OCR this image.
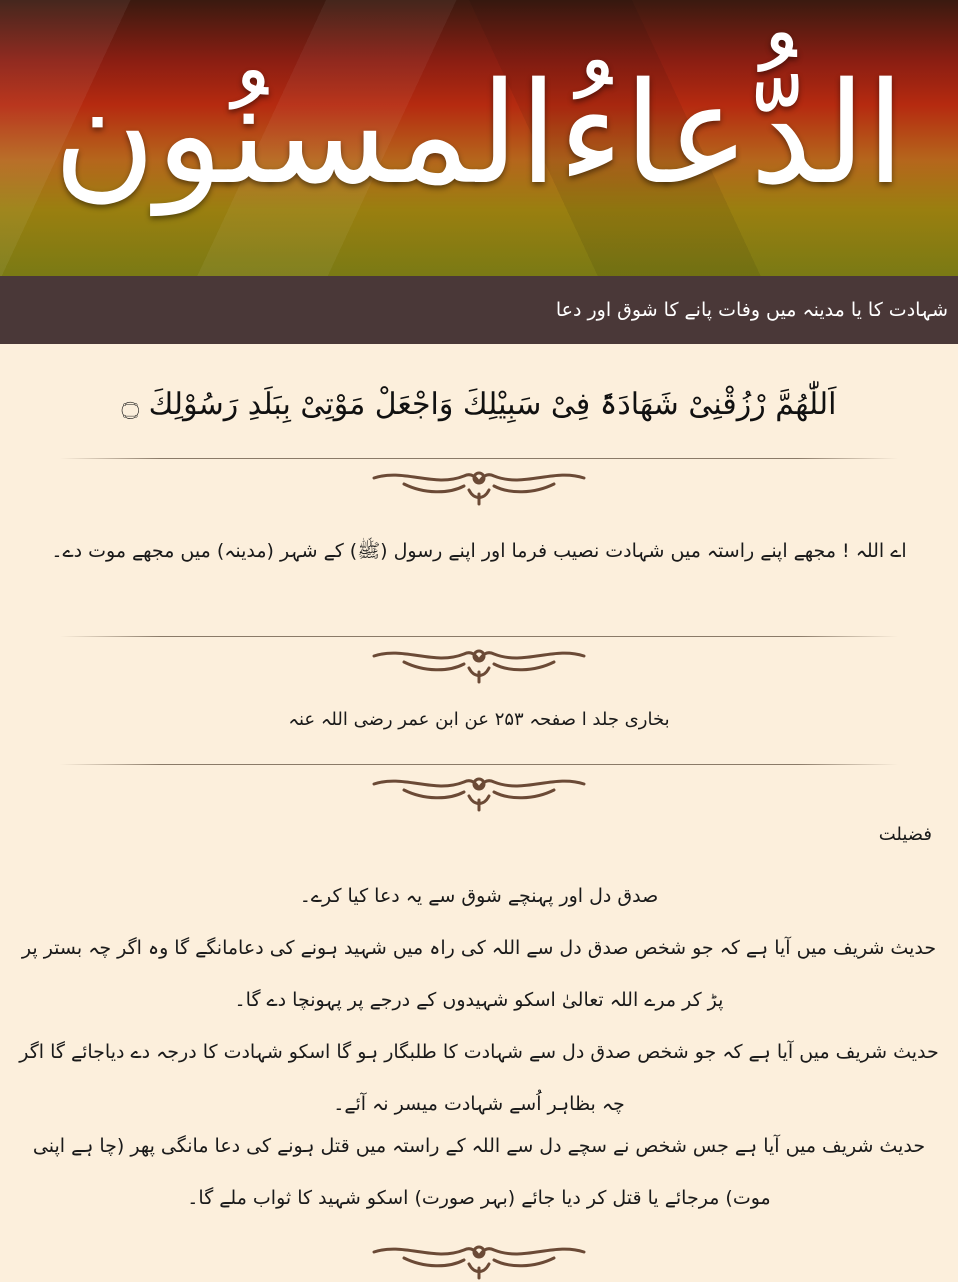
الدُّعاءُالمسنُون
شہادت کا یا مدینہ میں وفات پانے کا شوق اور دعا
اَللّٰھُمَّ رْزُقْنِیْ شَھَادَۃً فِیْ سَبِیْلِكَ وَاجْعَلْ مَوْتِیْ بِبَلَدِ رَسُوْلِكَ ۝
اے اللہ ! مجھے اپنے راستہ میں شہادت نصیب فرما اور اپنے رسول (ﷺ) کے شہر (مدینہ) میں مجھے موت دے۔
بخاری جلد ا صفحہ ۲۵۳ عن ابن عمر رضی اللہ عنہ
فضیلت
صدق دل اور پہنچے شوق سے یہ دعا کیا کرے۔
حدیث شریف میں آیا ہے کہ جو شخص صدق دل سے اللہ کی راہ میں شہید ہونے کی دعامانگے گا وہ اگر چہ بستر پر پڑ کر مرے اللہ تعالیٰ اسکو شہیدوں کے درجے پر پہونچا دے گا۔
حدیث شریف میں آیا ہے کہ جو شخص صدق دل سے شہادت کا طلبگار ہو گا اسکو شہادت کا درجہ دے دیاجائے گا اگر چہ بظاہر اُسے شہادت میسر نہ آئے۔
حدیث شریف میں آیا ہے جس شخص نے سچے دل سے اللہ کے راستہ میں قتل ہونے کی دعا مانگی پھر (چا ہے اپنی موت) مرجائے یا قتل کر دیا جائے (بہر صورت) اسکو شہید کا ثواب ملے گا۔
